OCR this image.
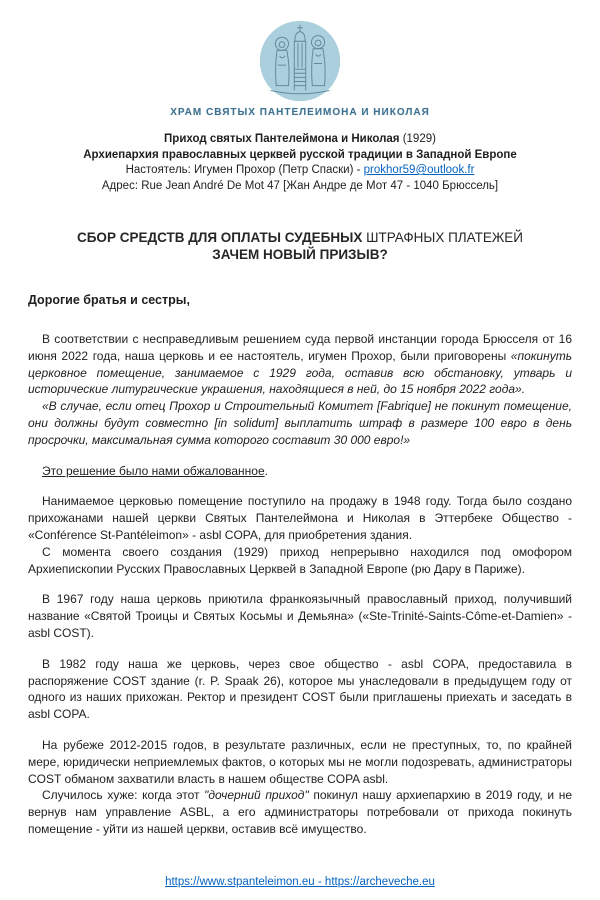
ХРАМ СВЯТЫХ ПАНТЕЛЕИМОНА И НИКОЛАЯ
Приход святых Пантелеймона и Николая (1929)
Архиепархия православных церквей русской традиции в Западной Европе
Настоятель: Игумен Прохор (Петр Спаски) - prokhor59@outlook.fr
Адрес: Rue Jean André De Mot 47 [Жан Андре де Мот 47 - 1040 Брюссель]
СБОР СРЕДСТВ ДЛЯ ОПЛАТЫ СУДЕБНЫХ ШТРАФНЫХ ПЛАТЕЖЕЙ
ЗАЧЕМ НОВЫЙ ПРИЗЫВ?
Дорогие братья и сестры,

В соответствии с несправедливым решением суда первой инстанции города Брюсселя от 16 июня 2022 года, наша церковь и ее настоятель, игумен Прохор, были приговорены «покинуть церковное помещение, занимаемое с 1929 года, оставив всю обстановку, утварь и исторические литургические украшения, находящиеся в ней, до 15 ноября 2022 года».

«В случае, если отец Прохор и Строительный Комитет [Fabrique] не покинут помещение, они должны будут совместно [in solidum] выплатить штраф в размере 100 евро в день просрочки, максимальная сумма которого составит 30 000 евро!»

Это решение было нами обжалованное.

Нанимаемое церковью помещение поступило на продажу в 1948 году. Тогда было создано прихожанами нашей церкви Святых Пантелеймона и Николая в Эттербеке Общество - «Conférence St-Pantéleimon» - asbl COPA, для приобретения здания.

С момента своего создания (1929) приход непрерывно находился под омофором Архиепископии Русских Православных Церквей в Западной Европе (рю Дару в Париже).

В 1967 году наша церковь приютила франкоязычный православный приход, получивший название «Святой Троицы и Святых Косьмы и Демьяна» («Ste-Trinité-Saints-Côme-et-Damien» - asbl COST).

В 1982 году наша же церковь, через свое общество - asbl COPA, предоставила в распоряжение COST здание (r. P. Spaak 26), которое мы унаследовали в предыдущем году от одного из наших прихожан. Ректор и президент COST были приглашены приехать и заседать в asbl COPA.

На рубеже 2012-2015 годов, в результате различных, если не преступных, то, по крайней мере, юридически неприемлемых фактов, о которых мы не могли подозревать, администраторы COST обманом захватили власть в нашем обществе COPA asbl.

Случилось хуже: когда этот "дочерний приход" покинул нашу архиепархию в 2019 году, и не вернув нам управление ASBL, а его администраторы потребовали от прихода покинуть помещение - уйти из нашей церкви, оставив всё имущество.

https://www.stpanteleimon.eu - https://archeveche.eu
